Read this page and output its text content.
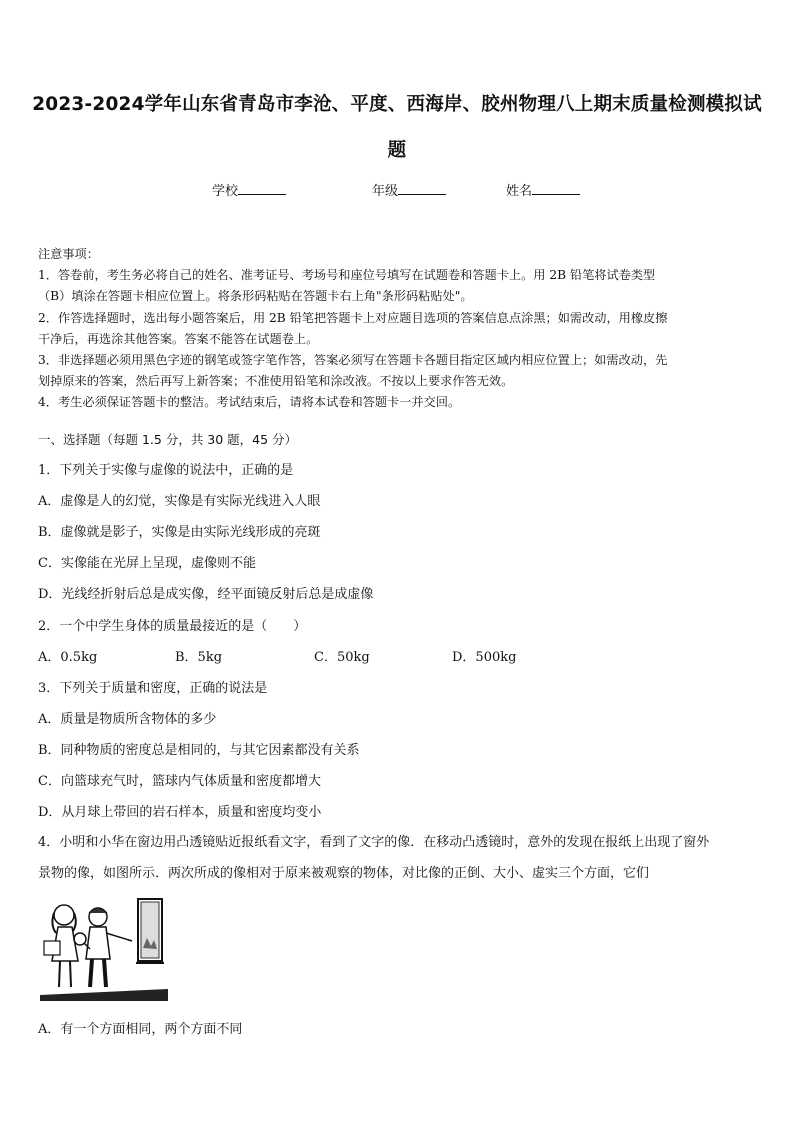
2023-2024学年山东省青岛市李沧、平度、西海岸、胶州物理八上期末质量检测模拟试
题
学校	年级	姓名
注意事项：
1．答卷前，考生务必将自己的姓名、准考证号、考场号和座位号填写在试题卷和答题卡上。用 2B 铅笔将试卷类型
（B）填涂在答题卡相应位置上。将条形码粘贴在答题卡右上角"条形码粘贴处"。
2．作答选择题时，选出每小题答案后，用 2B 铅笔把答题卡上对应题目选项的答案信息点涂黑；如需改动，用橡皮擦
干净后，再选涂其他答案。答案不能答在试题卷上。
3．非选择题必须用黑色字迹的钢笔或签字笔作答，答案必须写在答题卡各题目指定区域内相应位置上；如需改动，先
划掉原来的答案，然后再写上新答案；不准使用铅笔和涂改液。不按以上要求作答无效。
4．考生必须保证答题卡的整洁。考试结束后，请将本试卷和答题卡一并交回。
一、选择题（每题 1.5 分，共 30 题，45 分）
1．下列关于实像与虚像的说法中，正确的是
A．虚像是人的幻觉，实像是有实际光线进入人眼
B．虚像就是影子，实像是由实际光线形成的亮斑
C．实像能在光屏上呈现，虚像则不能
D．光线经折射后总是成实像，经平面镜反射后总是成虚像
2．一个中学生身体的质量最接近的是（　　）
A．0.5kg	B．5kg	C．50kg	D．500kg
3．下列关于质量和密度，正确的说法是
A．质量是物质所含物体的多少
B．同种物质的密度总是相同的，与其它因素都没有关系
C．向篮球充气时，篮球内气体质量和密度都增大
D．从月球上带回的岩石样本，质量和密度均变小
4．小明和小华在窗边用凸透镜贴近报纸看文字，看到了文字的像．在移动凸透镜时，意外的发现在报纸上出现了窗外
景物的像，如图所示．两次所成的像相对于原来被观察的物体，对比像的正倒、大小、虚实三个方面，它们
A．有一个方面相同，两个方面不同
